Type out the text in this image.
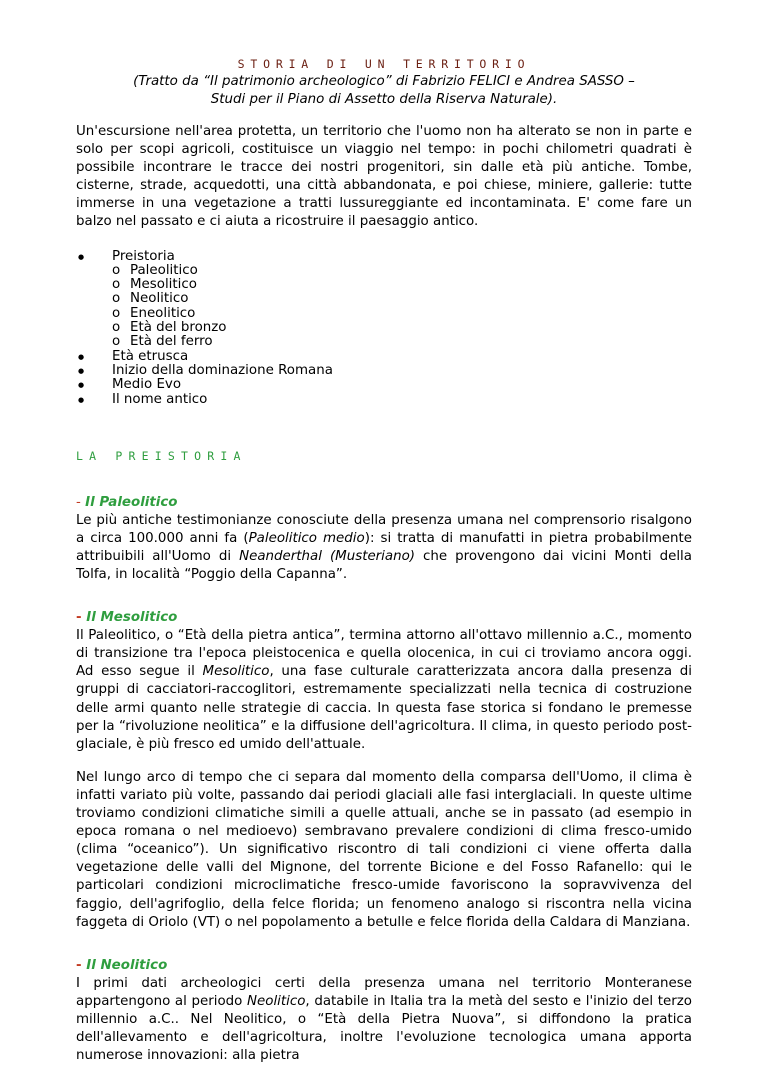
STORIA DI UN TERRITORIO

(Tratto da “Il patrimonio archeologico” di Fabrizio FELICI e Andrea SASSO –
Studi per il Piano di Assetto della Riserva Naturale).

Un'escursione nell'area protetta, un territorio che l'uomo non ha alterato se non in parte e solo per scopi agricoli, costituisce un viaggio nel tempo: in pochi chilometri quadrati è possibile incontrare le tracce dei nostri progenitori, sin dalle età più antiche. Tombe, cisterne, strade, acquedotti, una città abbandonata, e poi chiese, miniere, gallerie: tutte immerse in una vegetazione a tratti lussureggiante ed incontaminata. E' come fare un balzo nel passato e ci aiuta a ricostruire il paesaggio antico.

● Preistoria
o Paleolitico
o Mesolitico
o Neolitico
o Eneolitico
o Età del bronzo
o Età del ferro
● Età etrusca
● Inizio della dominazione Romana
● Medio Evo
● Il nome antico

LA PREISTORIA

- Il Paleolitico

Le più antiche testimonianze conosciute della presenza umana nel comprensorio risalgono a circa 100.000 anni fa (Paleolitico medio): si tratta di manufatti in pietra probabilmente attribuibili all'Uomo di Neanderthal (Musteriano) che provengono dai vicini Monti della Tolfa, in località “Poggio della Capanna”.

- Il Mesolitico

Il Paleolitico, o “Età della pietra antica”, termina attorno all'ottavo millennio a.C., momento di transizione tra l'epoca pleistocenica e quella olocenica, in cui ci troviamo ancora oggi. Ad esso segue il Mesolitico, una fase culturale caratterizzata ancora dalla presenza di gruppi di cacciatori-raccoglitori, estremamente specializzati nella tecnica di costruzione delle armi quanto nelle strategie di caccia. In questa fase storica si fondano le premesse per la “rivoluzione neolitica” e la diffusione dell'agricoltura. Il clima, in questo periodo post-glaciale, è più fresco ed umido dell'attuale.

Nel lungo arco di tempo che ci separa dal momento della comparsa dell'Uomo, il clima è infatti variato più volte, passando dai periodi glaciali alle fasi interglaciali. In queste ultime troviamo condizioni climatiche simili a quelle attuali, anche se in passato (ad esempio in epoca romana o nel medioevo) sembravano prevalere condizioni di clima fresco-umido (clima “oceanico”). Un significativo riscontro di tali condizioni ci viene offerta dalla vegetazione delle valli del Mignone, del torrente Bicione e del Fosso Rafanello: qui le particolari condizioni microclimatiche fresco-umide favoriscono la sopravvivenza del faggio, dell'agrifoglio, della felce florida; un fenomeno analogo si riscontra nella vicina faggeta di Oriolo (VT) o nel popolamento a betulle e felce florida della Caldara di Manziana.

- Il Neolitico

I primi dati archeologici certi della presenza umana nel territorio Monteranese appartengono al periodo Neolitico, databile in Italia tra la metà del sesto e l'inizio del terzo millennio a.C.. Nel Neolitico, o “Età della Pietra Nuova”, si diffondono la pratica dell'allevamento e dell'agricoltura, inoltre l'evoluzione tecnologica umana apporta numerose innovazioni: alla pietra
